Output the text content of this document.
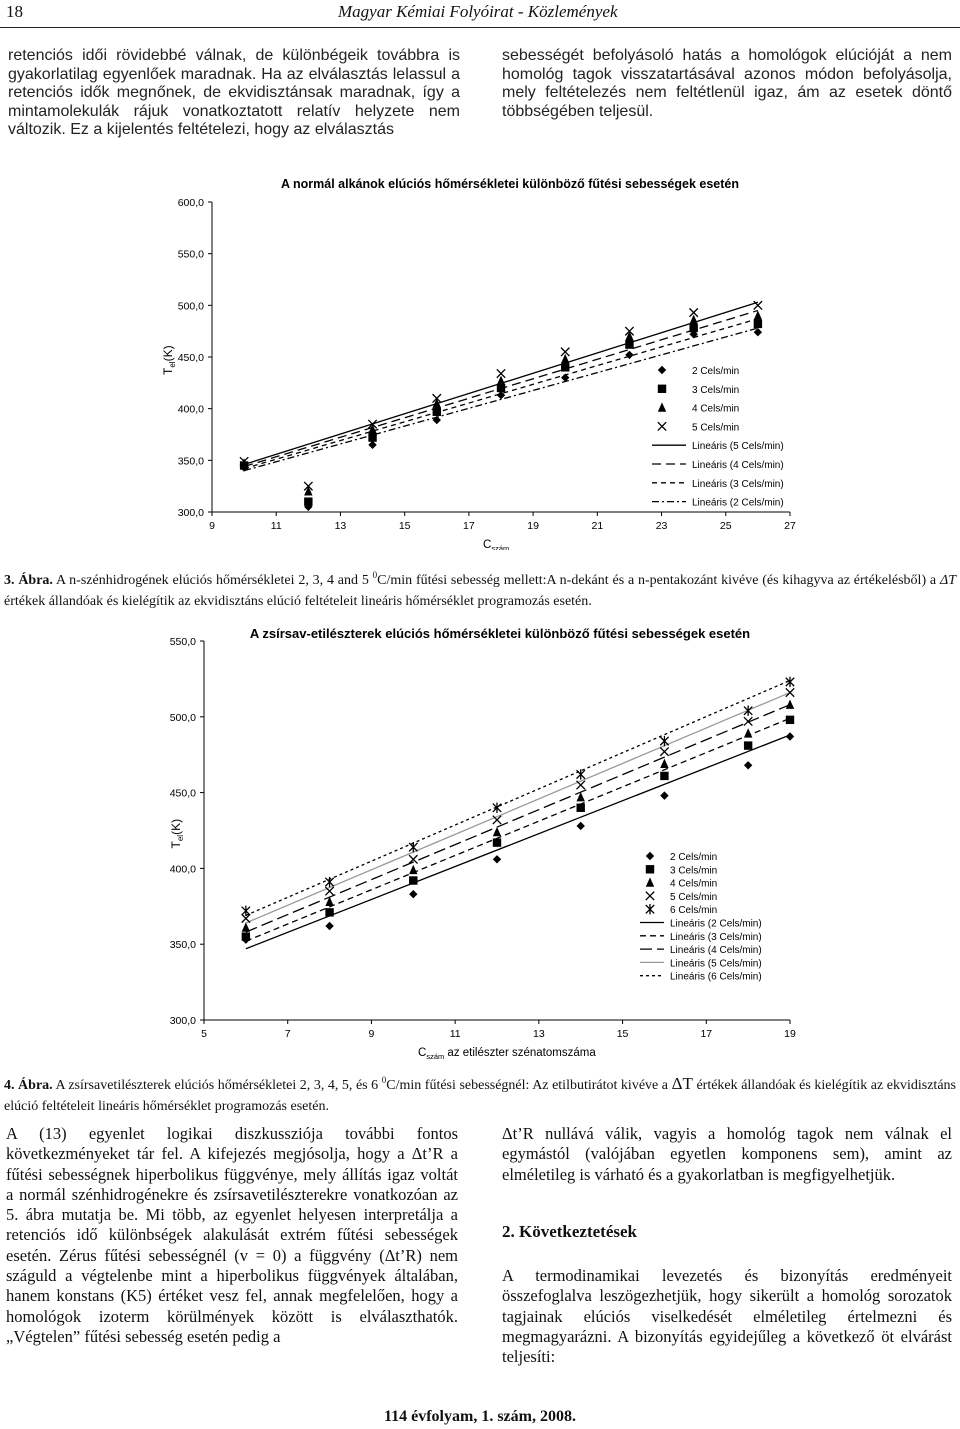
18	Magyar Kémiai Folyóirat - Közlemények
retenciós idői rövidebbé válnak, de különbégeik továbbra is gyakorlatilag egyenlőek maradnak. Ha az elválasztás lelassul a retenciós idők megnőnek, de ekvidisztánsak maradnak, így a mintamolekulák rájuk vonatkoztatott relatív helyzete nem változik. Ez a kijelentés feltételezi, hogy az elválasztás
sebességét befolyásoló hatás a homológok elúcióját a nem homológ tagok visszatartásával azonos módon befolyásolja, mely feltételezés nem feltétlenül igaz, ám az esetek döntő többségében teljesül.
A normál alkánok elúciós hőmérsékletei különböző fűtési sebességek esetén
300,0
350,0
400,0
450,0
500,0
550,0
600,0
9	11	13	15	17	19	21	23	25	27
$T_{el}(K)$
$C_{szám}$
2 Cels/min
3 Cels/min
4 Cels/min
5 Cels/min
Lineáris (5 Cels/min)
Lineáris (4 Cels/min)
Lineáris (3 Cels/min)
Lineáris (2 Cels/min)
3. Ábra. A n-szénhidrogének elúciós hőmérsékletei 2, 3, 4 and 5 $^0$C/min fűtési sebesség mellett:A n-dekánt és a n-pentakozánt kivéve (és kihagyva az értékelésből) a ΔT értékek állandóak és kielégítik az ekvidisztáns elúció feltételeit lineáris hőmérséklet programozás esetén.
A zsírsav-etilészterek elúciós hőmérsékletei különböző fűtési sebességek esetén
300,0
350,0
400,0
450,0
500,0
550,0
5	7	9	11	13	15	17	19
$T_{el}(K)$
$C_{szám}$ az etilészter szénatomszáma
2 Cels/min
3 Cels/min
4 Cels/min
5 Cels/min
6 Cels/min
Lineáris (2 Cels/min)
Lineáris (3 Cels/min)
Lineáris (4 Cels/min)
Lineáris (5 Cels/min)
Lineáris (6 Cels/min)
4. Ábra. A zsírsavetilészterek elúciós hőmérsékletei 2, 3, 4, 5, és 6 $^0$C/min fűtési sebességnél: Az etilbutirátot kivéve a ΔT értékek állandóak és kielégítik az ekvidisztáns elúció feltételeit lineáris hőmérséklet programozás esetén.
A (13) egyenlet logikai diszkussziója további fontos következményeket tár fel. A kifejezés megjósolja, hogy a Δt’R a fűtési sebességnek hiperbolikus függvénye, mely állítás igaz voltát a normál szénhidrogénekre és zsírsavetilészterekre vonatkozóan az 5. ábra mutatja be. Mi több, az egyenlet helyesen interpretálja a retenciós idő különbségek alakulását extrém fűtési sebességek esetén. Zérus fűtési sebességnél (v = 0) a függvény (Δt’R) nem száguld a végtelenbe mint a hiperbolikus függvények általában, hanem konstans (K5) értéket vesz fel, annak megfelelően, hogy a homológok izoterm körülmények között is elválaszthatók. „Végtelen” fűtési sebesség esetén pedig a
Δt’R nullává válik, vagyis a homológ tagok nem válnak el egymástól (valójában egyetlen komponens sem), amint az elméletileg is várható és a gyakorlatban is megfigyelhetjük.
2. Következtetések
A termodinamikai levezetés és bizonyítás eredményeit összefoglalva leszögezhetjük, hogy sikerült a homológ sorozatok tagjainak elúciós viselkedését elméletileg értelmezni és megmagyarázni. A bizonyítás egyidejűleg a következő öt elvárást teljesíti:
114 évfolyam, 1. szám, 2008.
